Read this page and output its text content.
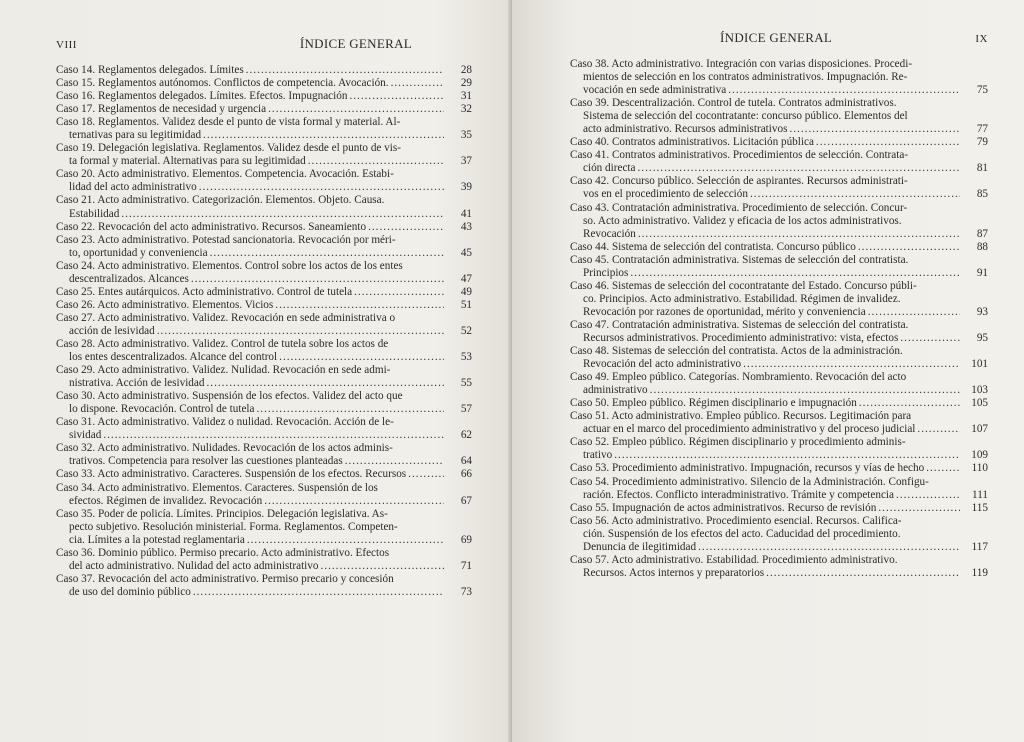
VIII	ÍNDICE GENERAL
Caso 14. Reglamentos delegados. Límites .....	28
Caso 15. Reglamentos autónomos. Conflictos de competencia. Avocación. .....	29
Caso 16. Reglamentos delegados. Límites. Efectos. Impugnación .....	31
Caso 17. Reglamentos de necesidad y urgencia .....	32
Caso 18. Reglamentos. Validez desde el punto de vista formal y material. Al-
ternativas para su legitimidad .....	35
Caso 19. Delegación legislativa. Reglamentos. Validez desde el punto de vis-
ta formal y material. Alternativas para su legitimidad .....	37
Caso 20. Acto administrativo. Elementos. Competencia. Avocación. Estabi-
lidad del acto administrativo .....	39
Caso 21. Acto administrativo. Categorización. Elementos. Objeto. Causa.
Estabilidad .....	41
Caso 22. Revocación del acto administrativo. Recursos. Saneamiento .....	43
Caso 23. Acto administrativo. Potestad sancionatoria. Revocación por méri-
to, oportunidad y conveniencia .....	45
Caso 24. Acto administrativo. Elementos. Control sobre los actos de los entes
descentralizados. Alcances .....	47
Caso 25. Entes autárquicos. Acto administrativo. Control de tutela .....	49
Caso 26. Acto administrativo. Elementos. Vicios .....	51
Caso 27. Acto administrativo. Validez. Revocación en sede administrativa o
acción de lesividad .....	52
Caso 28. Acto administrativo. Validez. Control de tutela sobre los actos de
los entes descentralizados. Alcance del control .....	53
Caso 29. Acto administrativo. Validez. Nulidad. Revocación en sede admi-
nistrativa. Acción de lesividad .....	55
Caso 30. Acto administrativo. Suspensión de los efectos. Validez del acto que
lo dispone. Revocación. Control de tutela .....	57
Caso 31. Acto administrativo. Validez o nulidad. Revocación. Acción de le-
sividad .....	62
Caso 32. Acto administrativo. Nulidades. Revocación de los actos adminis-
trativos. Competencia para resolver las cuestiones planteadas .....	64
Caso 33. Acto administrativo. Caracteres. Suspensión de los efectos. Recursos .....	66
Caso 34. Acto administrativo. Elementos. Caracteres. Suspensión de los
efectos. Régimen de invalidez. Revocación .....	67
Caso 35. Poder de policía. Límites. Principios. Delegación legislativa. As-
pecto subjetivo. Resolución ministerial. Forma. Reglamentos. Competen-
cia. Límites a la potestad reglamentaria .....	69
Caso 36. Dominio público. Permiso precario. Acto administrativo. Efectos
del acto administrativo. Nulidad del acto administrativo .....	71
Caso 37. Revocación del acto administrativo. Permiso precario y concesión
de uso del dominio público .....	73
ÍNDICE GENERAL	IX
Caso 38. Acto administrativo. Integración con varias disposiciones. Procedi-
mientos de selección en los contratos administrativos. Impugnación. Re-
vocación en sede administrativa .....	75
Caso 39. Descentralización. Control de tutela. Contratos administrativos.
Sistema de selección del cocontratante: concurso público. Elementos del
acto administrativo. Recursos administrativos .....	77
Caso 40. Contratos administrativos. Licitación pública .....	79
Caso 41. Contratos administrativos. Procedimientos de selección. Contrata-
ción directa .....	81
Caso 42. Concurso público. Selección de aspirantes. Recursos administrati-
vos en el procedimiento de selección .....	85
Caso 43. Contratación administrativa. Procedimiento de selección. Concur-
so. Acto administrativo. Validez y eficacia de los actos administrativos.
Revocación .....	87
Caso 44. Sistema de selección del contratista. Concurso público .....	88
Caso 45. Contratación administrativa. Sistemas de selección del contratista.
Principios .....	91
Caso 46. Sistemas de selección del cocontratante del Estado. Concurso públi-
co. Principios. Acto administrativo. Estabilidad. Régimen de invalidez.
Revocación por razones de oportunidad, mérito y conveniencia .....	93
Caso 47. Contratación administrativa. Sistemas de selección del contratista.
Recursos administrativos. Procedimiento administrativo: vista, efectos .....	95
Caso 48. Sistemas de selección del contratista. Actos de la administración.
Revocación del acto administrativo .....	101
Caso 49. Empleo público. Categorías. Nombramiento. Revocación del acto
administrativo .....	103
Caso 50. Empleo público. Régimen disciplinario e impugnación .....	105
Caso 51. Acto administrativo. Empleo público. Recursos. Legitimación para
actuar en el marco del procedimiento administrativo y del proceso judicial .....	107
Caso 52. Empleo público. Régimen disciplinario y procedimiento adminis-
trativo .....	109
Caso 53. Procedimiento administrativo. Impugnación, recursos y vías de hecho .....	110
Caso 54. Procedimiento administrativo. Silencio de la Administración. Configu-
ración. Efectos. Conflicto interadministrativo. Trámite y competencia .....	111
Caso 55. Impugnación de actos administrativos. Recurso de revisión .....	115
Caso 56. Acto administrativo. Procedimiento esencial. Recursos. Califica-
ción. Suspensión de los efectos del acto. Caducidad del procedimiento.
Denuncia de ilegitimidad .....	117
Caso 57. Acto administrativo. Estabilidad. Procedimiento administrativo.
Recursos. Actos internos y preparatorios .....	119
